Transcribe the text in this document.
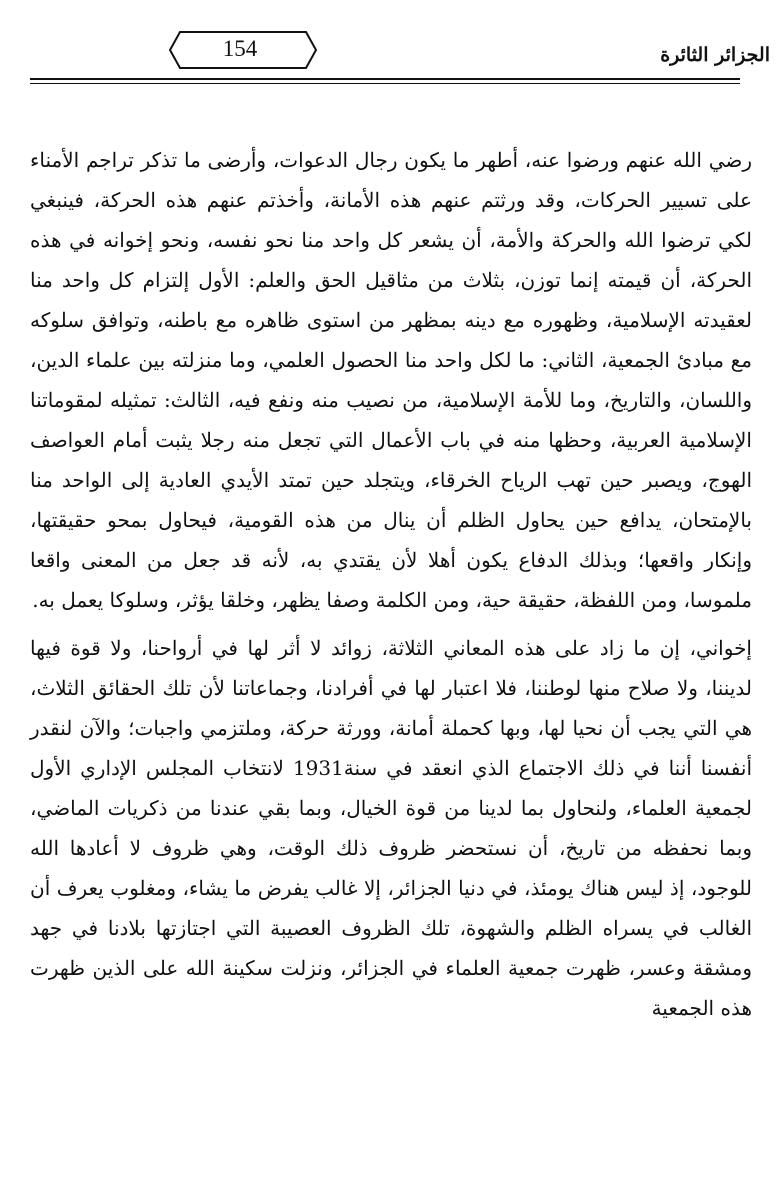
154	الجزائر الثائرة

رضي الله عنهم ورضوا عنه، أطهر ما يكون رجال الدعوات، وأرضى ما تذكر تراجم الأمناء على تسيير الحركات، وقد ورثتم عنهم هذه الأمانة، وأخذتم عنهم هذه الحركة، فينبغي لكي ترضوا الله والحركة والأمة، أن يشعر كل واحد منا نحو نفسه، ونحو إخوانه في هذه الحركة، أن قيمته إنما توزن، بثلاث من مثاقيل الحق والعلم: الأول إلتزام كل واحد منا لعقيدته الإسلامية، وظهوره مع دينه بمظهر من استوى ظاهره مع باطنه، وتوافق سلوكه مع مبادئ الجمعية، الثاني: ما لكل واحد منا الحصول العلمي، وما منزلته بين علماء الدين، واللسان، والتاريخ، وما للأمة الإسلامية، من نصيب منه ونفع فيه، الثالث: تمثيله لمقوماتنا الإسلامية العربية، وحظها منه في باب الأعمال التي تجعل منه رجلا يثبت أمام العواصف الهوج، ويصبر حين تهب الرياح الخرقاء، ويتجلد حين تمتد الأيدي العادية إلى الواحد منا بالإمتحان، يدافع حين يحاول الظلم أن ينال من هذه القومية، فيحاول بمحو حقيقتها، وإنكار واقعها؛ وبذلك الدفاع يكون أهلا لأن يقتدي به، لأنه قد جعل من المعنى واقعا ملموسا، ومن اللفظة، حقيقة حية، ومن الكلمة وصفا يظهر، وخلقا يؤثر، وسلوكا يعمل به.

إخواني، إن ما زاد على هذه المعاني الثلاثة، زوائد لا أثر لها في أرواحنا، ولا قوة فيها لديننا، ولا صلاح منها لوطننا، فلا اعتبار لها في أفرادنا، وجماعاتنا لأن تلك الحقائق الثلاث، هي التي يجب أن نحيا لها، وبها كحملة أمانة، وورثة حركة، وملتزمي واجبات؛ والآن لنقدر أنفسنا أننا في ذلك الاجتماع الذي انعقد في سنة1931 لانتخاب المجلس الإداري الأول لجمعية العلماء، ولنحاول بما لدينا من قوة الخيال، وبما بقي عندنا من ذكريات الماضي، وبما نحفظه من تاريخ، أن نستحضر ظروف ذلك الوقت، وهي ظروف لا أعادها الله للوجود، إذ ليس هناك يومئذ، في دنيا الجزائر، إلا غالب يفرض ما يشاء، ومغلوب يعرف أن الغالب في يسراه الظلم والشهوة، تلك الظروف العصيبة التي اجتازتها بلادنا في جهد ومشقة وعسر، ظهرت جمعية العلماء في الجزائر، ونزلت سكينة الله على الذين ظهرت هذه الجمعية
